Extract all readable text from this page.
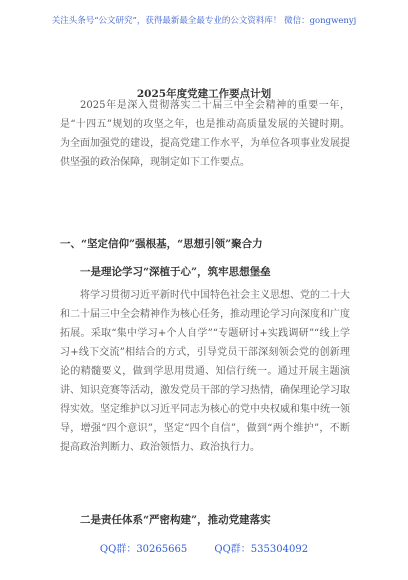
关注头条号“公文研究”，获得最新最全最专业的公文资料库！ 微信：gongwenyj
2025年度党建工作要点计划

2025年是深入贯彻落实二十届三中全会精神的重要一年，是“十四五”规划的攻坚之年，也是推动高质量发展的关键时期。为全面加强党的建设，提高党建工作水平，为单位各项事业发展提供坚强的政治保障，现制定如下工作要点。

一、“坚定信仰”强根基，“思想引领”聚合力
一是理论学习“深植于心”，筑牢思想堡垒

将学习贯彻习近平新时代中国特色社会主义思想、党的二十大和二十届三中全会精神作为核心任务，推动理论学习向深度和广度拓展。采取“集中学习+个人自学”“专题研讨+实践调研”“线上学习+线下交流”相结合的方式，引导党员干部深刻领会党的创新理论的精髓要义，做到学思用贯通、知信行统一。通过开展主题演讲、知识竞赛等活动，激发党员干部的学习热情，确保理论学习取得实效。坚定维护以习近平同志为核心的党中央权威和集中统一领导，增强“四个意识”，坚定“四个自信”，做到“两个维护”，不断提高政治判断力、政治领悟力、政治执行力。

二是责任体系“严密构建”，推动党建落实
QQ群：30265665	QQ群：535304092
